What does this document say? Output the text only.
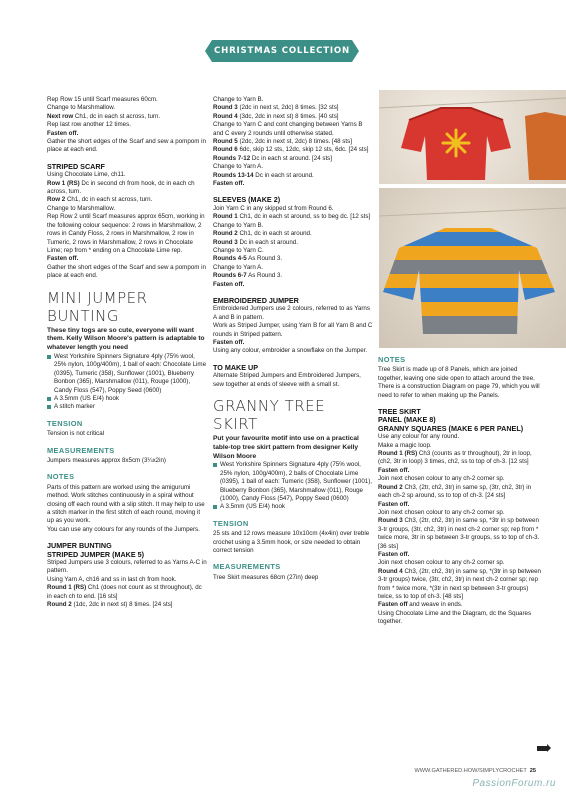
CHRISTMAS COLLECTION

Rep Row 15 until Scarf measures 60cm.

Change to Marshmallow.

Next row Ch1, dc in each st across, turn.

Rep last row another 12 times.

Fasten off.

Gather the short edges of the Scarf and sew a pompom in place at each end.

STRIPED SCARF

Using Chocolate Lime, ch11.

Row 1 (RS) Dc in second ch from hook, dc in each ch across, turn.

Row 2 Ch1, dc in each st across, turn.

Change to Marshmallow.

Rep Row 2 until Scarf measures approx 65cm, working in the following colour sequence: 2 rows in Marshmallow, 2 rows in Candy Floss, 2 rows in Marshmallow, 2 row in Tumeric, 2 rows in Marshmallow, 2 rows in Chocolate Lime; rep from * ending on a Chocolate Lime rep.

Fasten off.

Gather the short edges of the Scarf and sew a pompom in place at each end.

MINI JUMPER BUNTING

These tiny togs are so cute, everyone will want them. Kelly Wilson Moore's pattern is adaptable to whatever length you need

West Yorkshire Spinners Signature 4ply (75% wool, 25% nylon, 100g/400m), 1 ball of each: Chocolate Lime (0395), Tumeric (358), Sunflower (1001), Blueberry Bonbon (365), Marshmallow (011), Rouge (1000), Candy Floss (547), Poppy Seed (0600)

A 3.5mm (US E/4) hook

A stitch marker

TENSION

Tension is not critical

MEASUREMENTS

Jumpers measures approx 8x5cm (3¼x2in)

NOTES

Parts of this pattern are worked using the amigurumi method. Work stitches continuously in a spiral without closing off each round with a slip stitch. It may help to use a stitch marker in the first stitch of each round, moving it up as you work.

You can use any colours for any rounds of the Jumpers.

JUMPER BUNTING

STRIPED JUMPER (MAKE 5)

Striped Jumpers use 3 colours, referred to as Yarns A-C in pattern.

Using Yarn A, ch16 and ss in last ch from hook.

Round 1 (RS) Ch1 (does not count as st throughout), dc in each ch to end. [16 sts]

Round 2 (1dc, 2dc in next st) 8 times. [24 sts]

Change to Yarn B.

Round 3 (2dc in next st, 2dc) 8 times. [32 sts]

Round 4 (3dc, 2dc in next st) 8 times. [40 sts]

Change to Yarn C and cont changing between Yarns B and C every 2 rounds until otherwise stated.

Round 5 (2dc, 2dc in next st, 2dc) 8 times. [48 sts]

Round 6 6dc, skip 12 sts, 12dc, skip 12 sts, 6dc. [24 sts]

Rounds 7-12 Dc in each st around. [24 sts]

Change to Yarn A.

Rounds 13-14 Dc in each st around.

Fasten off.

SLEEVES (MAKE 2)

Join Yarn C in any skipped st from Round 6.

Round 1 Ch1, dc in each st around, ss to beg dc. [12 sts]

Change to Yarn B.

Round 2 Ch1, dc in each st around.

Round 3 Dc in each st around.

Change to Yarn C.

Rounds 4-5 As Round 3.

Change to Yarn A.

Rounds 6-7 As Round 3.

Fasten off.

EMBROIDERED JUMPER

Embroidered Jumpers use 2 colours, referred to as Yarns A and B in pattern.

Work as Striped Jumper, using Yarn B for all Yarn B and C rounds in Striped pattern.

Fasten off.

Using any colour, embroider a snowflake on the Jumper.

TO MAKE UP

Alternate Striped Jumpers and Embroidered Jumpers, sew together at ends of sleeve with a small st.

GRANNY TREE SKIRT

Put your favourite motif into use on a practical table-top tree skirt pattern from designer Kelly Wilson Moore

West Yorkshire Spinners Signature 4ply (75% wool, 25% nylon, 100g/400m), 2 balls of Chocolate Lime (0395), 1 ball of each: Tumeric (358), Sunflower (1001), Blueberry Bonbon (365), Marshmallow (011), Rouge (1000), Candy Floss (547), Poppy Seed (0600)

A 3.5mm (US E/4) hook

TENSION

25 sts and 12 rows measure 10x10cm (4x4in) over treble crochet using a 3.5mm hook, or size needed to obtain correct tension

MEASUREMENTS

Tree Skirt measures 68cm (27in) deep

NOTES

Tree Skirt is made up of 8 Panels, which are joined together, leaving one side open to attach around the tree.

There is a construction Diagram on page 79, which you will need to refer to when making up the Panels.

TREE SKIRT

PANEL (MAKE 8)

GRANNY SQUARES (MAKE 6 PER PANEL)

Use any colour for any round.

Make a magic loop.

Round 1 (RS) Ch3 (counts as tr throughout), 2tr in loop, (ch2, 3tr in loop) 3 times, ch2, ss to top of ch-3. [12 sts]

Fasten off.

Join next chosen colour to any ch-2 corner sp.

Round 2 Ch3, (2tr, ch2, 3tr) in same sp, (3tr, ch2, 3tr) in each ch-2 sp around, ss to top of ch-3. [24 sts]

Fasten off.

Join next chosen colour to any ch-2 corner sp.

Round 3 Ch3, (2tr, ch2, 3tr) in same sp, *3tr in sp between 3-tr groups, (3tr, ch2, 3tr) in next ch-2 corner sp; rep from * twice more, 3tr in sp between 3-tr groups, ss to top of ch-3. [36 sts]

Fasten off.

Join next chosen colour to any ch-2 corner sp.

Round 4 Ch3, (2tr, ch2, 3tr) in same sp, *(3tr in sp between 3-tr groups) twice, (3tr, ch2, 3tr) in next ch-2 corner sp; rep from * twice more, *(3tr in next sp between 3-tr groups) twice, ss to top of ch-3. [48 sts]

Fasten off and weave in ends.

Using Chocolate Lime and the Diagram, dc the Squares together.

WWW.GATHERED.HOW/SIMPLYCROCHET 25
PassionForum.ru
